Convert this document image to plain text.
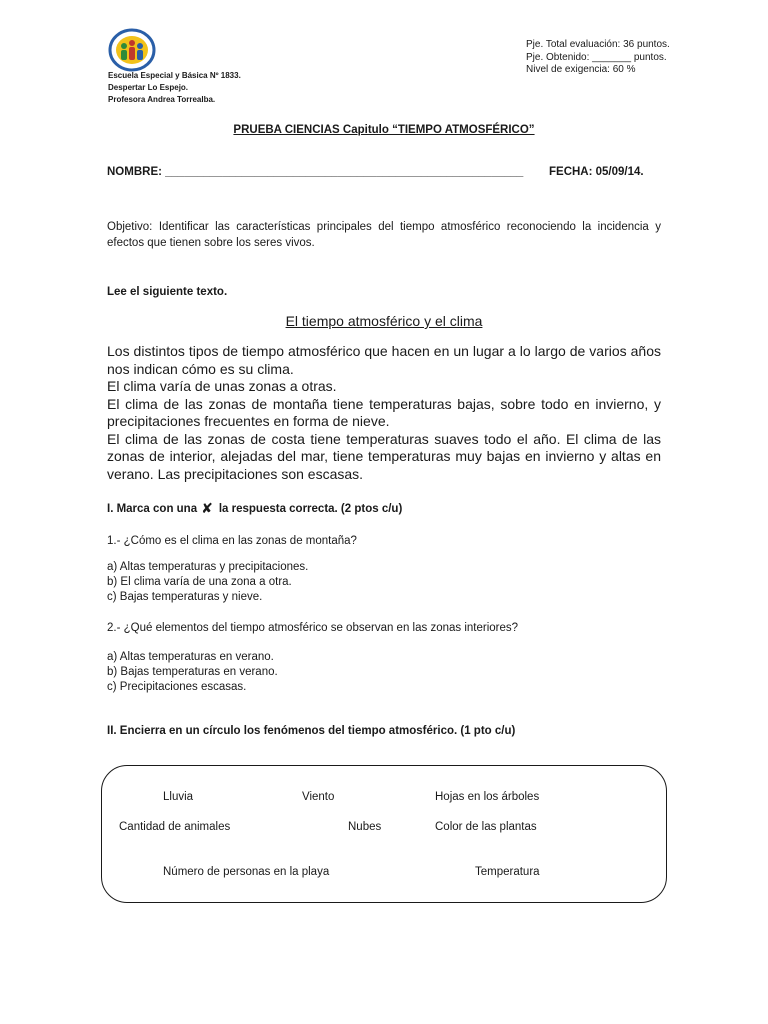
Escuela Especial y Básica Nº 1833.
Despertar Lo Espejo.
Profesora Andrea Torrealba.
Pje. Total evaluación: 36 puntos.
Pje. Obtenido: _______ puntos.
Nivel de exigencia: 60 %
PRUEBA CIENCIAS Capitulo “TIEMPO ATMOSFÉRICO”
NOMBRE: ________________________________________________________ FECHA: 05/09/14.
Objetivo: Identificar las características principales del tiempo atmosférico reconociendo la incidencia y efectos que tienen sobre los seres vivos.
Lee el siguiente texto.
El tiempo atmosférico y el clima

Los distintos tipos de tiempo atmosférico que hacen en un lugar a lo largo de varios años nos indican cómo es su clima.

El clima varía de unas zonas a otras.

El clima de las zonas de montaña tiene temperaturas bajas, sobre todo en invierno, y precipitaciones frecuentes en forma de nieve.

El clima de las zonas de costa tiene temperaturas suaves todo el año. El clima de las zonas de interior, alejadas del mar, tiene temperaturas muy bajas en invierno y altas en verano. Las precipitaciones son escasas.

I. Marca con una ✘ la respuesta correcta. (2 ptos c/u)
1.- ¿Cómo es el clima en las zonas de montaña?
a) Altas temperaturas y precipitaciones.
b) El clima varía de una zona a otra.
c) Bajas temperaturas y nieve.
2.- ¿Qué elementos del tiempo atmosférico se observan en las zonas interiores?
a) Altas temperaturas en verano.
b) Bajas temperaturas en verano.
c) Precipitaciones escasas.
II. Encierra en un círculo los fenómenos del tiempo atmosférico. (1 pto c/u)
Lluvia	Viento	Hojas en los árboles
Cantidad de animales	Nubes	Color de las plantas
Número de personas en la playa	Temperatura
